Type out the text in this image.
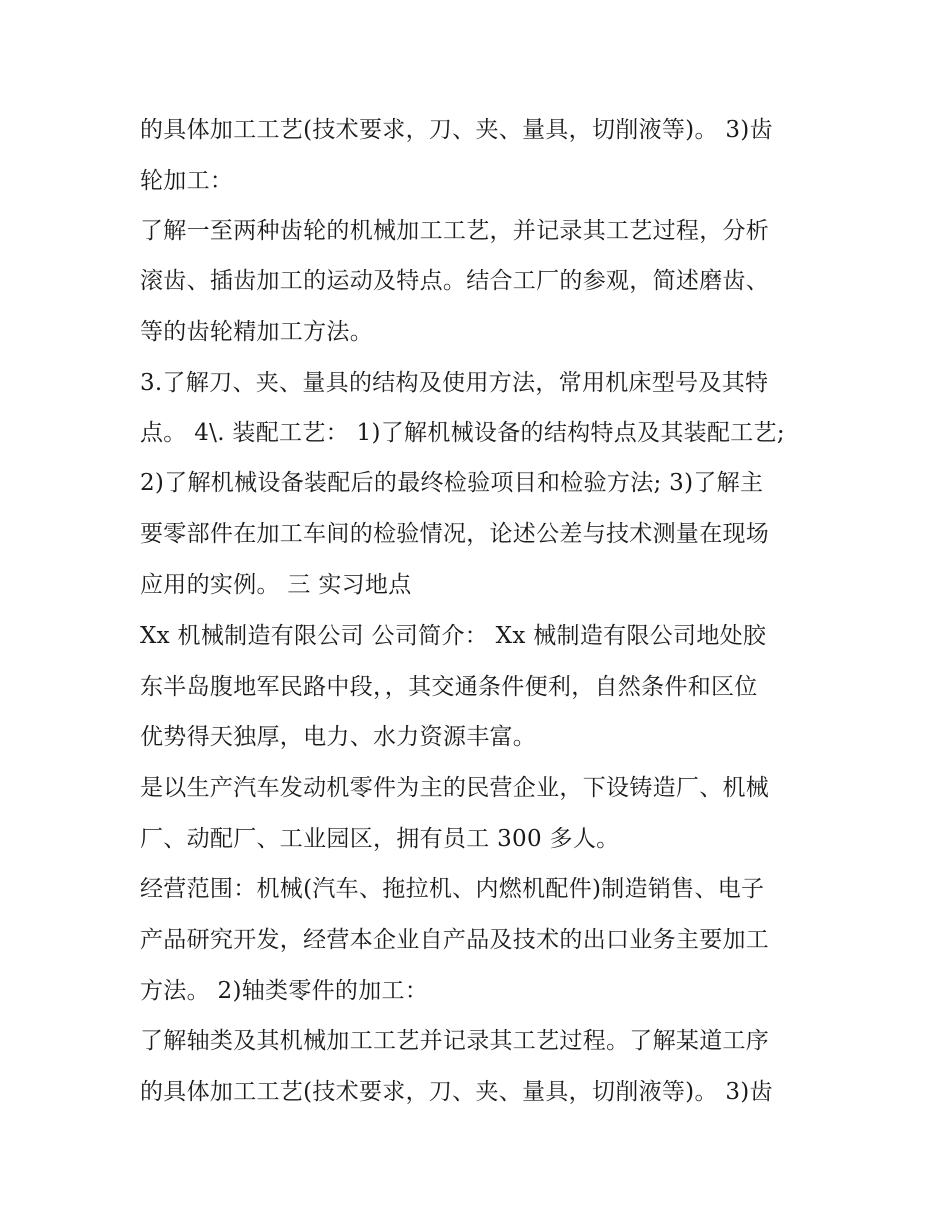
的具体加工工艺(技术要求，刀、夹、量具，切削液等)。 3)齿
轮加工：
了解一至两种齿轮的机械加工工艺，并记录其工艺过程，分析
滚齿、插齿加工的运动及特点。结合工厂的参观，简述磨齿、
等的齿轮精加工方法。
3.了解刀、夹、量具的结构及使用方法，常用机床型号及其特
点。 4\. 装配工艺： 1)了解机械设备的结构特点及其装配工艺;
2)了解机械设备装配后的最终检验项目和检验方法; 3)了解主
要零部件在加工车间的检验情况，论述公差与技术测量在现场
应用的实例。 三 实习地点
Xx 机械制造有限公司 公司简介： Xx 械制造有限公司地处胶
东半岛腹地军民路中段，，其交通条件便利，自然条件和区位
优势得天独厚，电力、水力资源丰富。
是以生产汽车发动机零件为主的民营企业，下设铸造厂、机械
厂、动配厂、工业园区，拥有员工 300 多人。
经营范围：机械(汽车、拖拉机、内燃机配件)制造销售、电子
产品研究开发，经营本企业自产品及技术的出口业务主要加工
方法。 2)轴类零件的加工：
了解轴类及其机械加工工艺并记录其工艺过程。了解某道工序
的具体加工工艺(技术要求，刀、夹、量具，切削液等)。 3)齿
